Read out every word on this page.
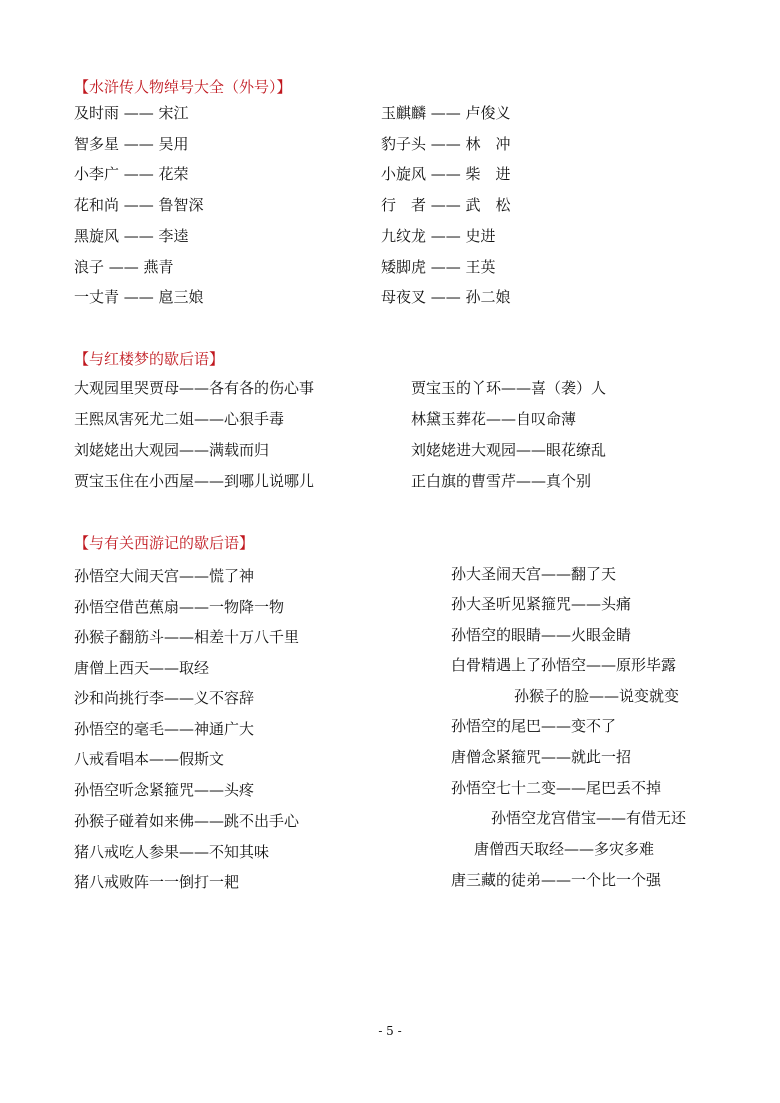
【水浒传人物绰号大全（外号）】
及时雨 —— 宋江
智多星 —— 吴用
小李广 —— 花荣
花和尚 —— 鲁智深
黑旋风 —— 李逵
浪子 —— 燕青
一丈青 —— 扈三娘
玉麒麟 —— 卢俊义
豹子头 —— 林　冲
小旋风 —— 柴　进
行　者 —— 武　松
九纹龙 —— 史进
矮脚虎 —— 王英
母夜叉 —— 孙二娘
【与红楼梦的歇后语】
大观园里哭贾母——各有各的伤心事
王熙凤害死尤二姐——心狠手毒
刘姥姥出大观园——满载而归
贾宝玉住在小西屋——到哪儿说哪儿
贾宝玉的丫环——喜（袭）人
林黛玉葬花——自叹命薄
刘姥姥进大观园——眼花缭乱
正白旗的曹雪芹——真个别
【与有关西游记的歇后语】
孙悟空大闹天宫——慌了神
孙悟空借芭蕉扇——一物降一物
孙猴子翻筋斗——相差十万八千里
唐僧上西天——取经
沙和尚挑行李——义不容辞
孙悟空的毫毛——神通广大
八戒看唱本——假斯文
孙悟空听念紧箍咒——头疼
孙猴子碰着如来佛——跳不出手心
猪八戒吃人参果——不知其味
猪八戒败阵一一倒打一耙
孙大圣闹天宫——翻了天
孙大圣听见紧箍咒——头痛
孙悟空的眼睛——火眼金睛
白骨精遇上了孙悟空——原形毕露
孙猴子的脸——说变就变
孙悟空的尾巴——变不了
唐僧念紧箍咒——就此一招
孙悟空七十二变——尾巴丢不掉
孙悟空龙宫借宝——有借无还
唐僧西天取经——多灾多难
唐三藏的徒弟——一个比一个强
- 5 -
